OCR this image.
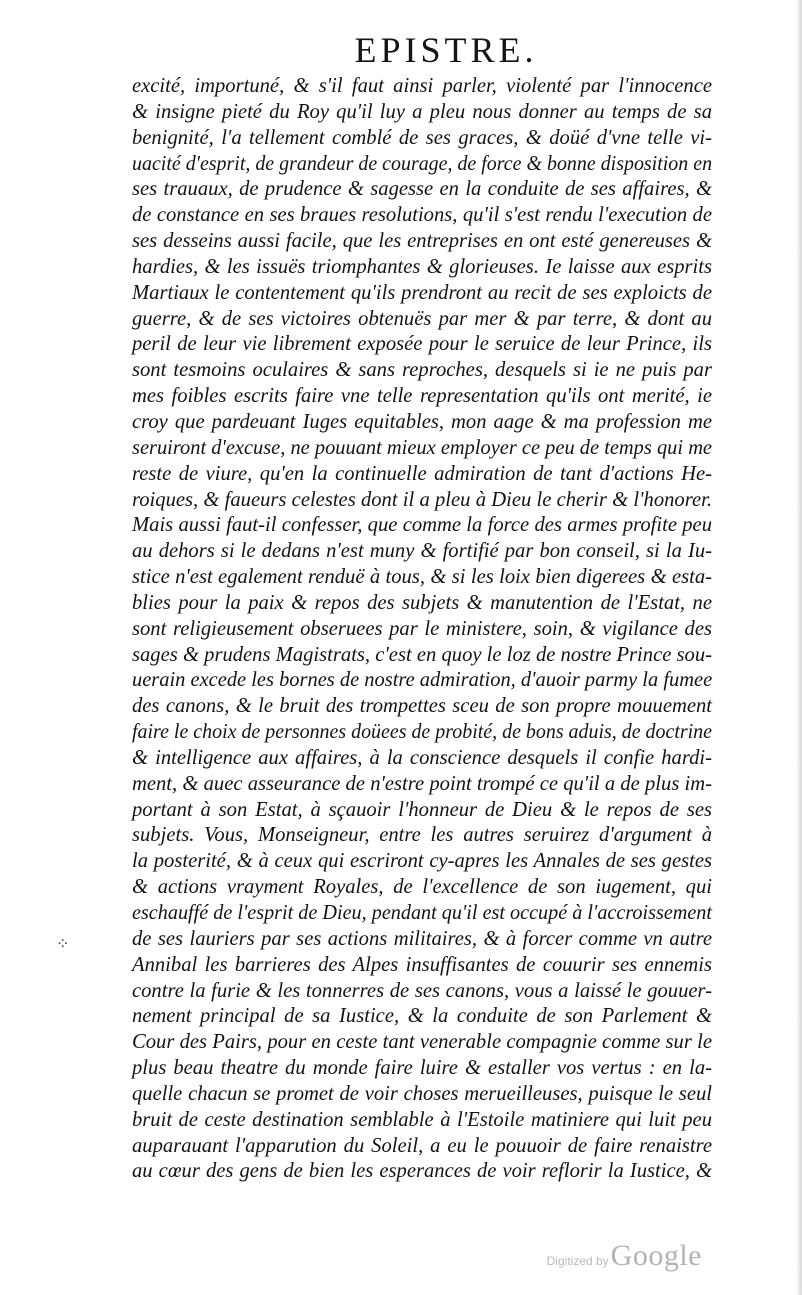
EPISTRE.
excité, importuné, & s'il faut ainsi parler, violenté par l'innocence
& insigne pieté du Roy qu'il luy a pleu nous donner au temps de sa
benignité, l'a tellement comblé de ses graces, & doüé d'vne telle vi-
uacité d'esprit, de grandeur de courage, de force & bonne disposition en
ses trauaux, de prudence & sagesse en la conduite de ses affaires, &
de constance en ses braues resolutions, qu'il s'est rendu l'execution de
ses desseins aussi facile, que les entreprises en ont esté genereuses &
hardies, & les issuës triomphantes & glorieuses. Ie laisse aux esprits
Martiaux le contentement qu'ils prendront au recit de ses exploicts de
guerre, & de ses victoires obtenuës par mer & par terre, & dont au
peril de leur vie librement exposée pour le seruice de leur Prince, ils
sont tesmoins oculaires & sans reproches, desquels si ie ne puis par
mes foibles escrits faire vne telle representation qu'ils ont merité, ie
croy que pardeuant Iuges equitables, mon aage & ma profession me
seruiront d'excuse, ne pouuant mieux employer ce peu de temps qui me
reste de viure, qu'en la continuelle admiration de tant d'actions He-
roiques, & faueurs celestes dont il a pleu à Dieu le cherir & l'honorer.
Mais aussi faut-il confesser, que comme la force des armes profite peu
au dehors si le dedans n'est muny & fortifié par bon conseil, si la Iu-
stice n'est egalement renduë à tous, & si les loix bien digerees & esta-
blies pour la paix & repos des subjets & manutention de l'Estat, ne
sont religieusement obseruees par le ministere, soin, & vigilance des
sages & prudens Magistrats, c'est en quoy le loz de nostre Prince sou-
uerain excede les bornes de nostre admiration, d'auoir parmy la fumee
des canons, & le bruit des trompettes sceu de son propre mouuement
faire le choix de personnes doüees de probité, de bons aduis, de doctrine
& intelligence aux affaires, à la conscience desquels il confie hardi-
ment, & auec asseurance de n'estre point trompé ce qu'il a de plus im-
portant à son Estat, à sçauoir l'honneur de Dieu & le repos de ses
subjets. Vous, Monseigneur, entre les autres seruirez d'argument à
la posterité, & à ceux qui escriront cy-apres les Annales de ses gestes
& actions vrayment Royales, de l'excellence de son iugement, qui
eschauffé de l'esprit de Dieu, pendant qu'il est occupé à l'accroissement
de ses lauriers par ses actions militaires, & à forcer comme vn autre
Annibal les barrieres des Alpes insuffisantes de couurir ses ennemis
contre la furie & les tonnerres de ses canons, vous a laissé le gouuer-
nement principal de sa Iustice, & la conduite de son Parlement &
Cour des Pairs, pour en ceste tant venerable compagnie comme sur le
plus beau theatre du monde faire luire & estaller vos vertus : en la-
quelle chacun se promet de voir choses merueilleuses, puisque le seul
bruit de ceste destination semblable à l'Estoile matiniere qui luit peu
auparauant l'apparution du Soleil, a eu le pouuoir de faire renaistre
au cœur des gens de bien les esperances de voir reflorir la Iustice, &
⁘
Digitized by Google
